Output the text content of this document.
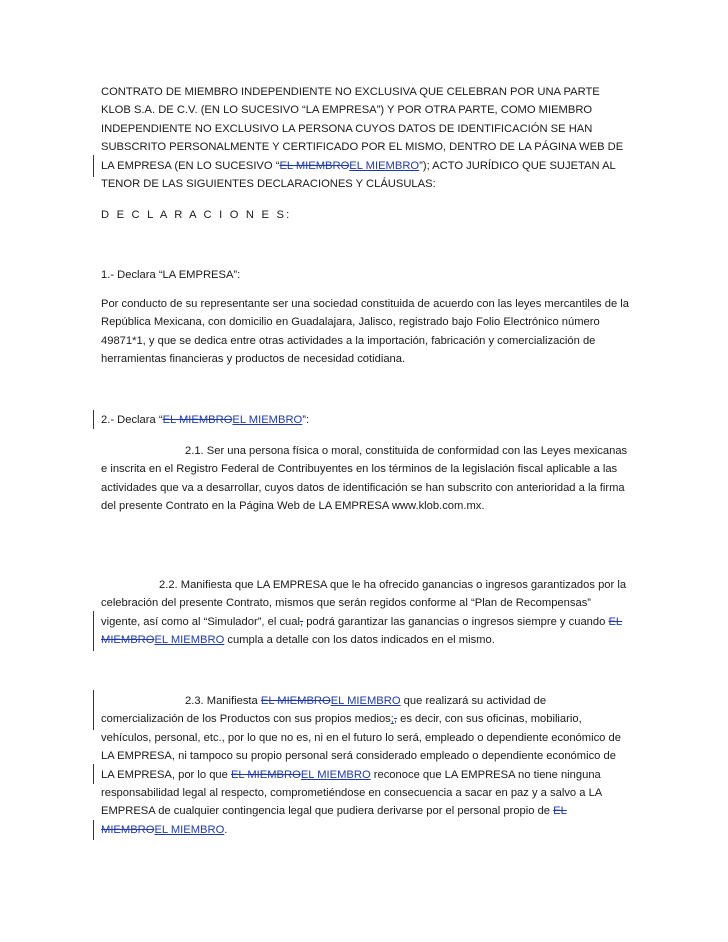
CONTRATO DE MIEMBRO INDEPENDIENTE NO EXCLUSIVA QUE CELEBRAN POR UNA PARTE KLOB S.A. DE C.V. (EN LO SUCESIVO “LA EMPRESA”) Y POR OTRA PARTE, COMO MIEMBRO INDEPENDIENTE NO EXCLUSIVO LA PERSONA CUYOS DATOS DE IDENTIFICACIÓN SE HAN SUBSCRITO PERSONALMENTE Y CERTIFICADO POR EL MISMO, DENTRO DE LA PÁGINA WEB DE LA EMPRESA (EN LO SUCESIVO “EL MIEMBROEL MIEMBRO”); ACTO JURÍDICO QUE SUJETAN AL TENOR DE LAS SIGUIENTES DECLARACIONES Y CLÁUSULAS:

D E C L A R A C I O N E S:

1.- Declara “LA EMPRESA”:

Por conducto de su representante ser una sociedad constituida de acuerdo con las leyes mercantiles de la República Mexicana, con domicilio en Guadalajara, Jalisco, registrado bajo Folio Electrónico número 49871*1, y que se dedica entre otras actividades a la importación, fabricación y comercialización de herramientas financieras y productos de necesidad cotidiana.

2.- Declara “EL MIEMBROEL MIEMBRO”:

2.1. Ser una persona física o moral, constituida de conformidad con las Leyes mexicanas e inscrita en el Registro Federal de Contribuyentes en los términos de la legislación fiscal aplicable a las actividades que va a desarrollar, cuyos datos de identificación se han subscrito con anterioridad a la firma del presente Contrato en la Página Web de LA EMPRESA www.klob.com.mx.

2.2. Manifiesta que LA EMPRESA que le ha ofrecido ganancias o ingresos garantizados por la celebración del presente Contrato, mismos que serán regidos conforme al “Plan de Recompensas” vigente, así como al “Simulador”, el cual, podrá garantizar las ganancias o ingresos siempre y cuando EL MIEMBROEL MIEMBRO cumpla a detalle con los datos indicados en el mismo.

2.3. Manifiesta EL MIEMBROEL MIEMBRO que realizará su actividad de comercialización de los Productos con sus propios medios;, es decir, con sus oficinas, mobiliario, vehículos, personal, etc., por lo que no es, ni en el futuro lo será, empleado o dependiente económico de LA EMPRESA, ni tampoco su propio personal será considerado empleado o dependiente económico de LA EMPRESA, por lo que EL MIEMBROEL MIEMBRO reconoce que LA EMPRESA no tiene ninguna responsabilidad legal al respecto, comprometiéndose en consecuencia a sacar en paz y a salvo a LA EMPRESA de cualquier contingencia legal que pudiera derivarse por el personal propio de EL MIEMBROEL MIEMBRO.
